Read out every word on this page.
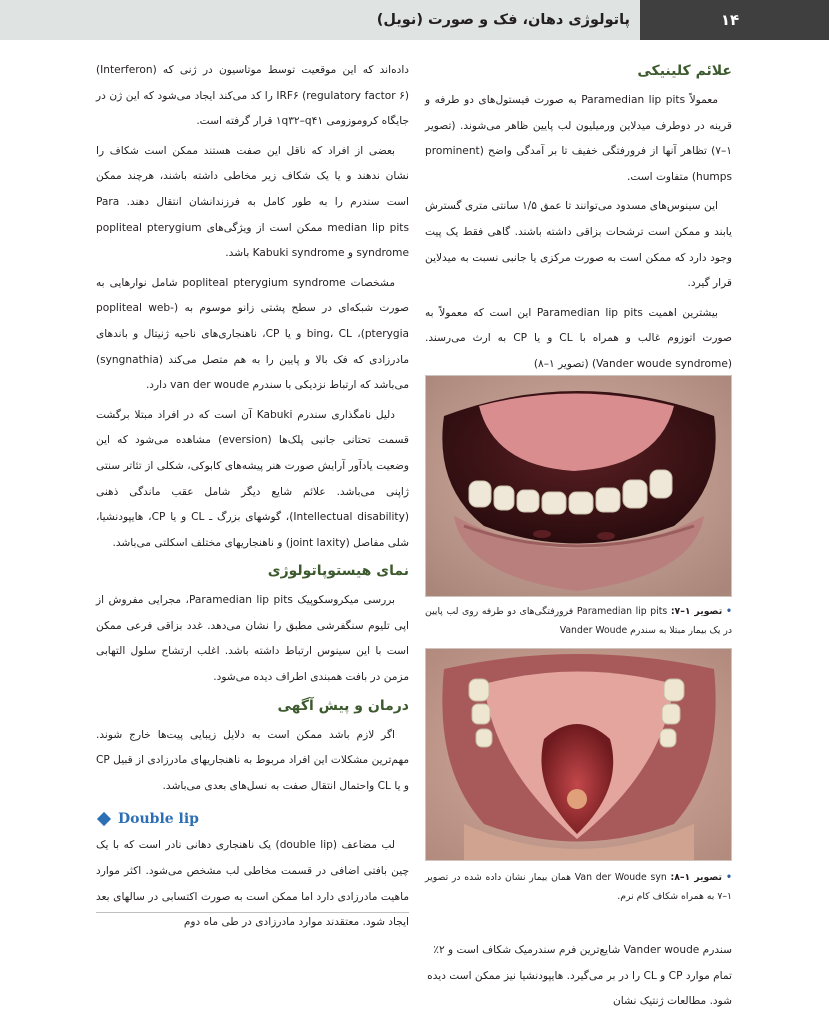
پاتولوژی دهان، فک و صورت (نویل)	۱۴
علائم کلینیکی

معمولاً Paramedian lip pits به صورت فیستول‌های دو طرفه و قرینه در دوطرف میدلاین ورمیلیون لب پایین ظاهر می‌شوند. (تصویر ۱–۷) تظاهر آنها از فرورفتگی خفیف تا بر آمدگی واضح (prominent humps) متفاوت است.

این سینوس‌های مسدود می‌توانند تا عمق ۱/۵ سانتی متری گسترش یابند و ممکن است ترشحات بزاقی داشته باشند. گاهی فقط یک پیت وجود دارد که ممکن است به صورت مرکزی یا جانبی نسبت به میدلاین قرار گیرد.

بیشترین اهمیت Paramedian lip pits این است که معمولاً به صورت اتوزوم غالب و همراه با CL و یا CP به ارث می‌رسند. (Vander woude syndrome) (تصویر ۱–۸)

• تصویر ۱–۷: Paramedian lip pits فرورفتگی‌های دو طرفه روی لب پایین در یک بیمار مبتلا به سندرم Vander Woude
• تصویر ۱–۸: Van der Woude syn همان بیمار نشان داده شده در تصویر ۱–۷ به همراه شکاف کام نرم.

سندرم Vander woude شایع‌ترین فرم سندرمیک شکاف است و ۲٪ تمام موارد CP و CL را در بر می‌گیرد. هایپودنشیا نیز ممکن است دیده شود. مطالعات ژنتیک نشان

داده‌اند که این موقعیت توسط موتاسیون در ژنی که (Interferon) IRF۶ (regulatory factor ۶) را کد می‌کند ایجاد می‌شود که این ژن در جایگاه کروموزومی ۱q۳۲–q۴۱ قرار گرفته است.

بعضی از افراد که ناقل این صفت هستند ممکن است شکاف را نشان ندهند و یا یک شکاف زیر مخاطی داشته باشند، هرچند ممکن است سندرم را به طور کامل به فرزندانشان انتقال دهند. Para median lip pits ممکن است از ویژگی‌های popliteal pterygium syndrome و Kabuki syndrome باشد.

مشخصات popliteal pterygium syndrome شامل نوارهایی به صورت شبکه‌ای در سطح پشتی زانو موسوم به (popliteal web- pterygia)، bing، CL و یا CP، ناهنجاری‌های ناحیه ژنیتال و باندهای مادرزادی که فک بالا و پایین را به هم متصل می‌کند (syngnathia) می‌باشد که ارتباط نزدیکی با سندرم van der woude دارد.

دلیل نامگذاری سندرم Kabuki آن است که در افراد مبتلا برگشت قسمت تحتانی جانبی پلک‌ها (eversion) مشاهده می‌شود که این وضعیت یادآور آرایش صورت هنر پیشه‌های کابوکی، شکلی از تئاتر سنتی ژاپنی می‌باشد. علائم شایع دیگر شامل عقب ماندگی ذهنی (Intellectual disability)، گوشهای بزرگ ـ CL و یا CP، هایپودنشیا، شلی مفاصل (joint laxity) و ناهنجاریهای مختلف اسکلتی می‌باشد.

نمای هیستوپاتولوژی

بررسی میکروسکوپیک Paramedian lip pits، مجرایی مفروش از اپی تلیوم سنگفرشی مطبق را نشان می‌دهد. غدد بزاقی فرعی ممکن است با این سینوس ارتباط داشته باشد. اغلب ارتشاح سلول التهابی مزمن در بافت همبندی اطراف دیده می‌شود.

درمان و پیش آگهی

اگر لازم باشد ممکن است به دلایل زیبایی پیت‌ها خارج شوند. مهم‌ترین مشکلات این افراد مربوط به ناهنجاریهای مادرزادی از قبیل CP و یا CL واحتمال انتقال صفت به نسل‌های بعدی می‌باشد.

Double lip

لب مضاعف (double lip) یک ناهنجاری دهانی نادر است که با یک چین بافتی اضافی در قسمت مخاطی لب مشخص می‌شود. اکثر موارد ماهیت مادرزادی دارد اما ممکن است به صورت اکتسابی در سالهای بعد ایجاد شود. معتقدند موارد مادرزادی در طی ماه دوم
